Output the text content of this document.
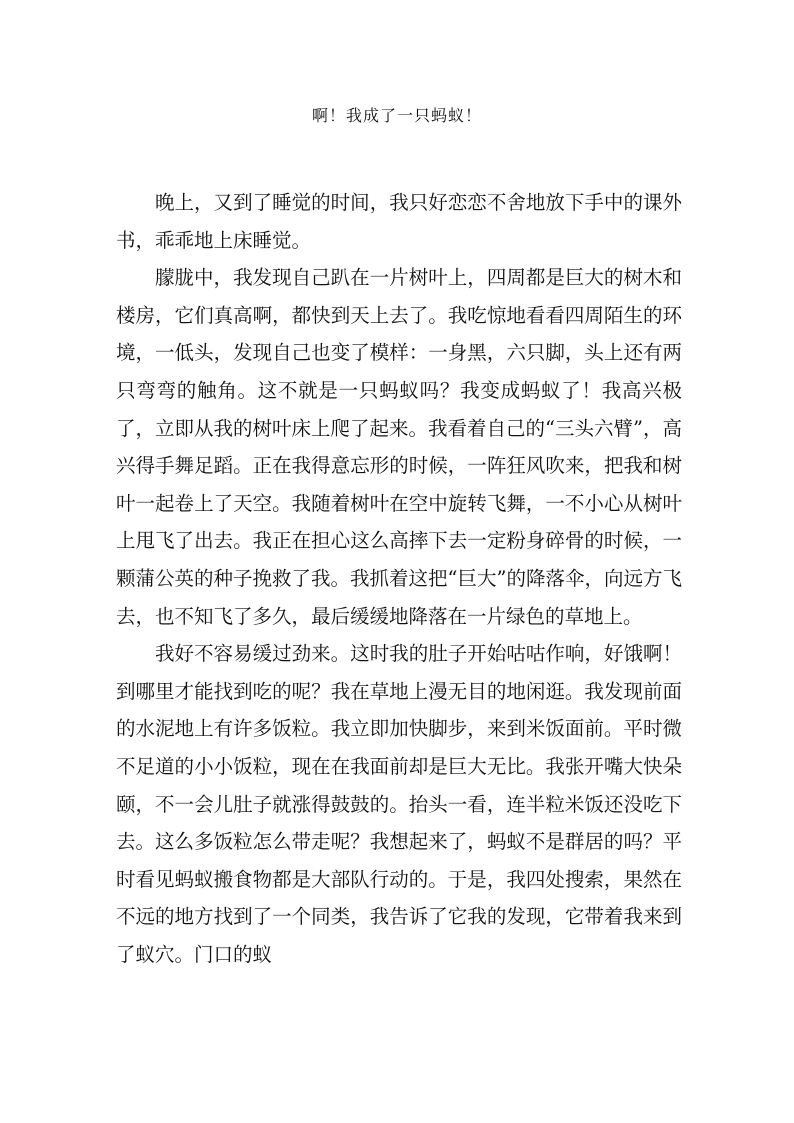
啊！我成了一只蚂蚁！

晚上，又到了睡觉的时间，我只好恋恋不舍地放下手中的课外书，乖乖地上床睡觉。

朦胧中，我发现自己趴在一片树叶上，四周都是巨大的树木和楼房，它们真高啊，都快到天上去了。我吃惊地看看四周陌生的环境，一低头，发现自己也变了模样：一身黑，六只脚，头上还有两只弯弯的触角。这不就是一只蚂蚁吗？我变成蚂蚁了！我高兴极了，立即从我的树叶床上爬了起来。我看着自己的“三头六臂”，高兴得手舞足蹈。正在我得意忘形的时候，一阵狂风吹来，把我和树叶一起卷上了天空。我随着树叶在空中旋转飞舞，一不小心从树叶上甩飞了出去。我正在担心这么高摔下去一定粉身碎骨的时候，一颗蒲公英的种子挽救了我。我抓着这把“巨大”的降落伞，向远方飞去，也不知飞了多久，最后缓缓地降落在一片绿色的草地上。

我好不容易缓过劲来。这时我的肚子开始咕咕作响，好饿啊！到哪里才能找到吃的呢？我在草地上漫无目的地闲逛。我发现前面的水泥地上有许多饭粒。我立即加快脚步，来到米饭面前。平时微不足道的小小饭粒，现在在我面前却是巨大无比。我张开嘴大快朵颐，不一会儿肚子就涨得鼓鼓的。抬头一看，连半粒米饭还没吃下去。这么多饭粒怎么带走呢？我想起来了，蚂蚁不是群居的吗？平时看见蚂蚁搬食物都是大部队行动的。于是，我四处搜索，果然在不远的地方找到了一个同类，我告诉了它我的发现，它带着我来到了蚁穴。门口的蚁
